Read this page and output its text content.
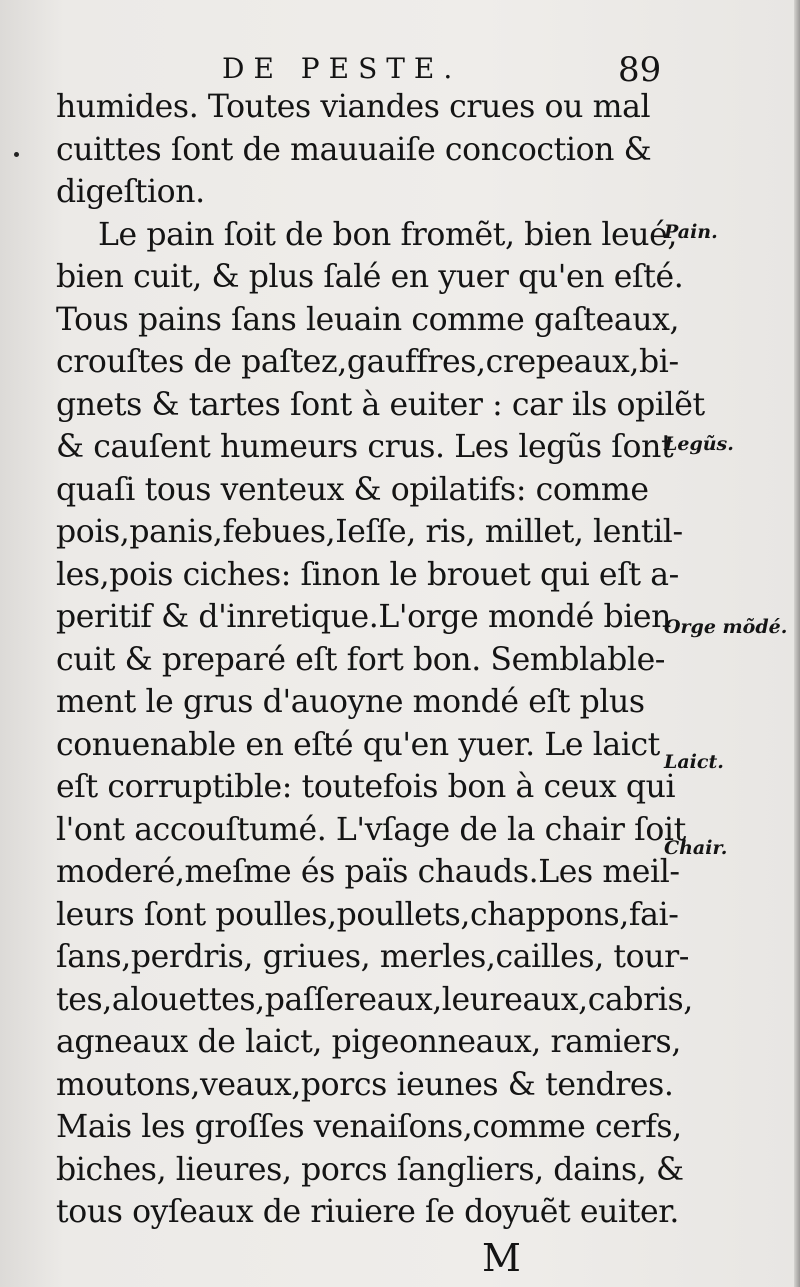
DE PESTE.	89
humides. Toutes viandes crues ou mal
cuittes ſont de mauuaiſe concoction &
digeſtion.
Le pain ſoit de bon fromẽt, bien leué,
bien cuit, & plus ſalé en yuer qu'en eſté.
Tous pains ſans leuain comme gaſteaux,
crouſtes de paſtez,gauffres,crepeaux,bi-
gnets & tartes ſont à euiter : car ils opilẽt
& cauſent humeurs crus. Les legũs ſont
quaſi tous venteux & opilatifs: comme
pois,panis,febues,Ieſſe, ris, millet, lentil-
les,pois ciches: ſinon le brouet qui eſt a-
peritif & d'inretique.L'orge mondé bien
cuit & preparé eſt fort bon. Semblable-
ment le grus d'auoyne mondé eſt plus
conuenable en eſté qu'en yuer. Le laict
eſt corruptible: toutefois bon à ceux qui
l'ont accouſtumé. L'vſage de la chair ſoit
moderé,meſme és païs chauds.Les meil-
leurs ſont poulles,poullets,chappons,fai-
ſans,perdris, griues, merles,cailles, tour-
tes,alouettes,paſſereaux,leureaux,cabris,
agneaux de laict, pigeonneaux, ramiers,
moutons,veaux,porcs ieunes & tendres.
Mais les groſſes venaiſons,comme cerfs,
biches, lieures, porcs ſangliers, dains, &
tous oyſeaux de riuiere ſe doyuẽt euiter.
Pain.
Legũs.
Orge mõdé.
Laict.
Chair.
M
